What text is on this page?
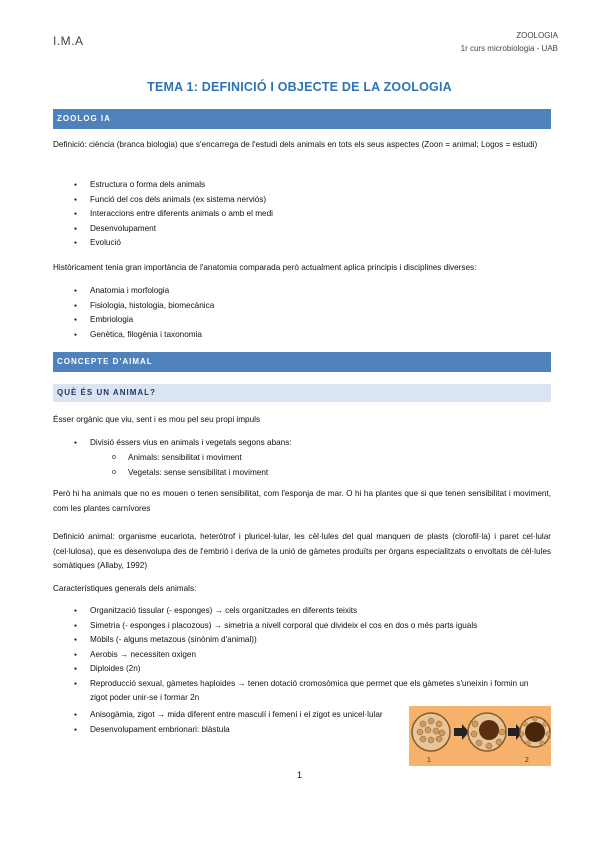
I.M.A	ZOOLOGIA
1r curs microbiologia - UAB
TEMA 1: DEFINICIÓ I OBJECTE DE LA ZOOLOGIA
ZOOLOG IA
Definició: ciència (branca biologia) que s'encarrega de l'estudi dels animals en tots els seus aspectes (Zoon = animal; Logos = estudi)
● Estructura o forma dels animals
● Funció del cos dels animals (ex sistema nerviós)
● Interaccions entre diferents animals o amb el medi
● Desenvolupament
● Evolució
Històricament tenia gran importància de l'anatomia comparada però actualment aplica principis i disciplines diverses:
● Anatomia i morfologia
● Fisiologia, histologia, biomecànica
● Embriologia
● Genètica, filogènia i taxonomia
CONCEPTE D'AIMAL
QUÈ ÉS UN ANIMAL?
Ésser orgànic que viu, sent i es mou pel seu propi impuls
● Divisió éssers vius en animals i vegetals segons abans:
o Animals: sensibilitat i moviment
o Vegetals: sense sensibilitat i moviment
Però hi ha animals que no es mouen o tenen sensibilitat, com l'esponja de mar. O hi ha plantes que si que tenen sensibilitat i moviment, com les plantes carnívores
Definició animal: organisme eucariota, heteròtrof i pluricel·lular, les cèl·lules del qual manquen de plasts (clorofil·la) i paret cel·lular (cel·lulosa), que es desenvolupa des de l'embrió i deriva de la unió de gàmetes produïts per òrgans especialitzats o envoltats de cèl·lules somàtiques (Allaby, 1992)
Característiques generals dels animals:
● Organització tissular (- esponges) → cels organitzades en diferents teixits
● Simetria (- esponges i placozous) → simetria a nivell corporal que divideix el cos en dos o més parts iguals
● Mòbils (- alguns metazous (sinònim d'animal))
● Aerobis → necessiten oxigen
● Diploides (2n)
● Reproducció sexual, gàmetes haploides → tenen dotació cromosòmica que permet que els gàmetes s'uneixin i formin un zigot poder unir-se i formar 2n
● Anisogàmia, zigot → mida diferent entre masculí i femení i el zigot es unicel·lular
● Desenvolupament embrionari: blàstula
1	2
1
